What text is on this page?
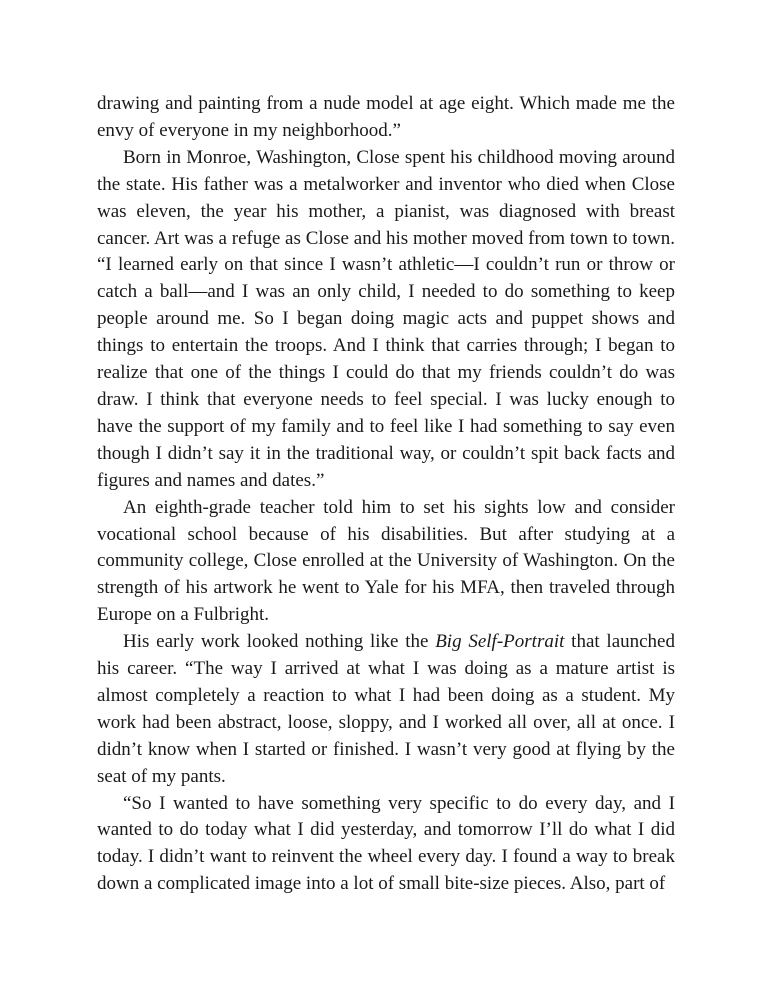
drawing and painting from a nude model at age eight. Which made me the envy of everyone in my neighborhood.”

Born in Monroe, Washington, Close spent his childhood moving around the state. His father was a metalworker and inventor who died when Close was eleven, the year his mother, a pianist, was diagnosed with breast cancer. Art was a refuge as Close and his mother moved from town to town. “I learned early on that since I wasn’t athletic—I couldn’t run or throw or catch a ball—and I was an only child, I needed to do something to keep people around me. So I began doing magic acts and puppet shows and things to entertain the troops. And I think that carries through; I began to realize that one of the things I could do that my friends couldn’t do was draw. I think that everyone needs to feel special. I was lucky enough to have the support of my family and to feel like I had something to say even though I didn’t say it in the traditional way, or couldn’t spit back facts and figures and names and dates.”

An eighth-grade teacher told him to set his sights low and consider vocational school because of his disabilities. But after studying at a community college, Close enrolled at the University of Washington. On the strength of his artwork he went to Yale for his MFA, then traveled through Europe on a Fulbright.

His early work looked nothing like the Big Self-Portrait that launched his career. “The way I arrived at what I was doing as a mature artist is almost completely a reaction to what I had been doing as a student. My work had been abstract, loose, sloppy, and I worked all over, all at once. I didn’t know when I started or finished. I wasn’t very good at flying by the seat of my pants.

“So I wanted to have something very specific to do every day, and I wanted to do today what I did yesterday, and tomorrow I’ll do what I did today. I didn’t want to reinvent the wheel every day. I found a way to break down a complicated image into a lot of small bite-size pieces. Also, part of
